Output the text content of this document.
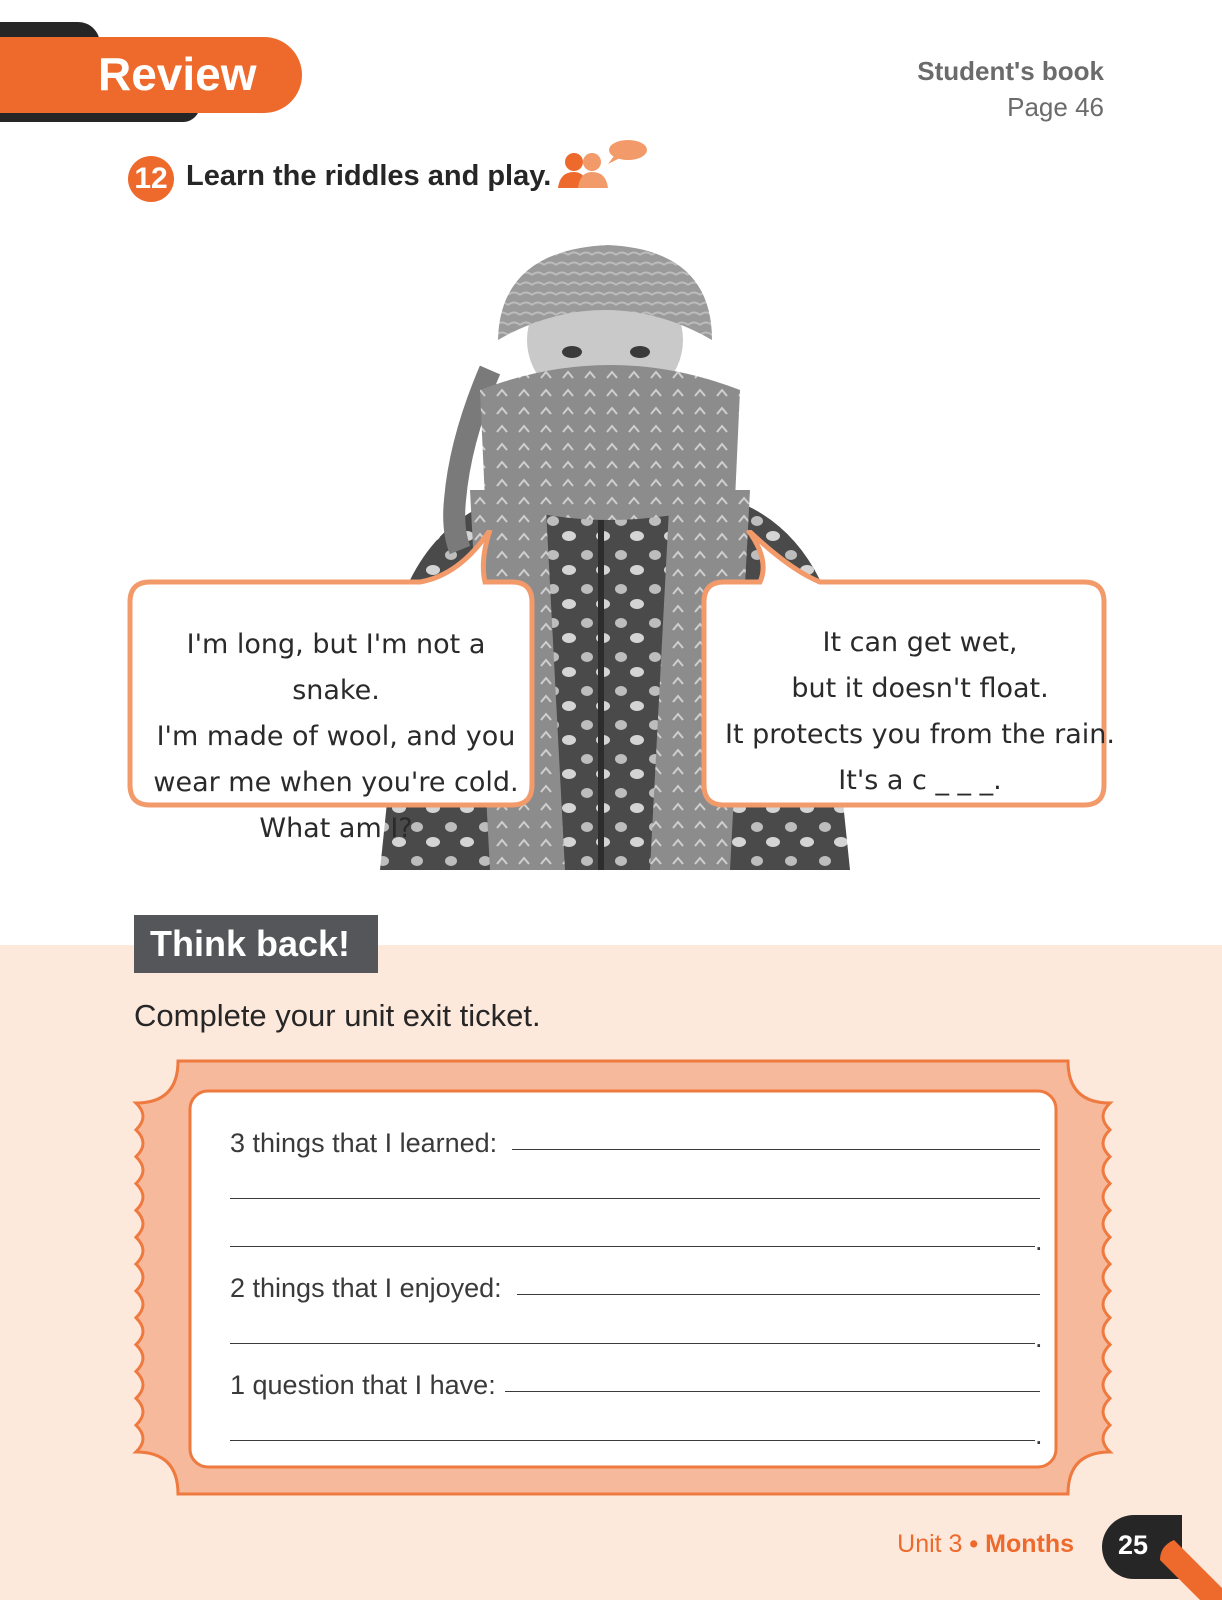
Review	Student's book
Page 46
12 Learn the riddles and play.
I'm long, but I'm not a snake.
I'm made of wool, and you
wear me when you're cold.
What am I?
It can get wet,
but it doesn't float.
It protects you from the rain.
It's a c _ _ _.
Think back!
Complete your unit exit ticket.
3 things that I learned:
.
2 things that I enjoyed:
.
1 question that I have:
.
Unit 3 • Months 25
